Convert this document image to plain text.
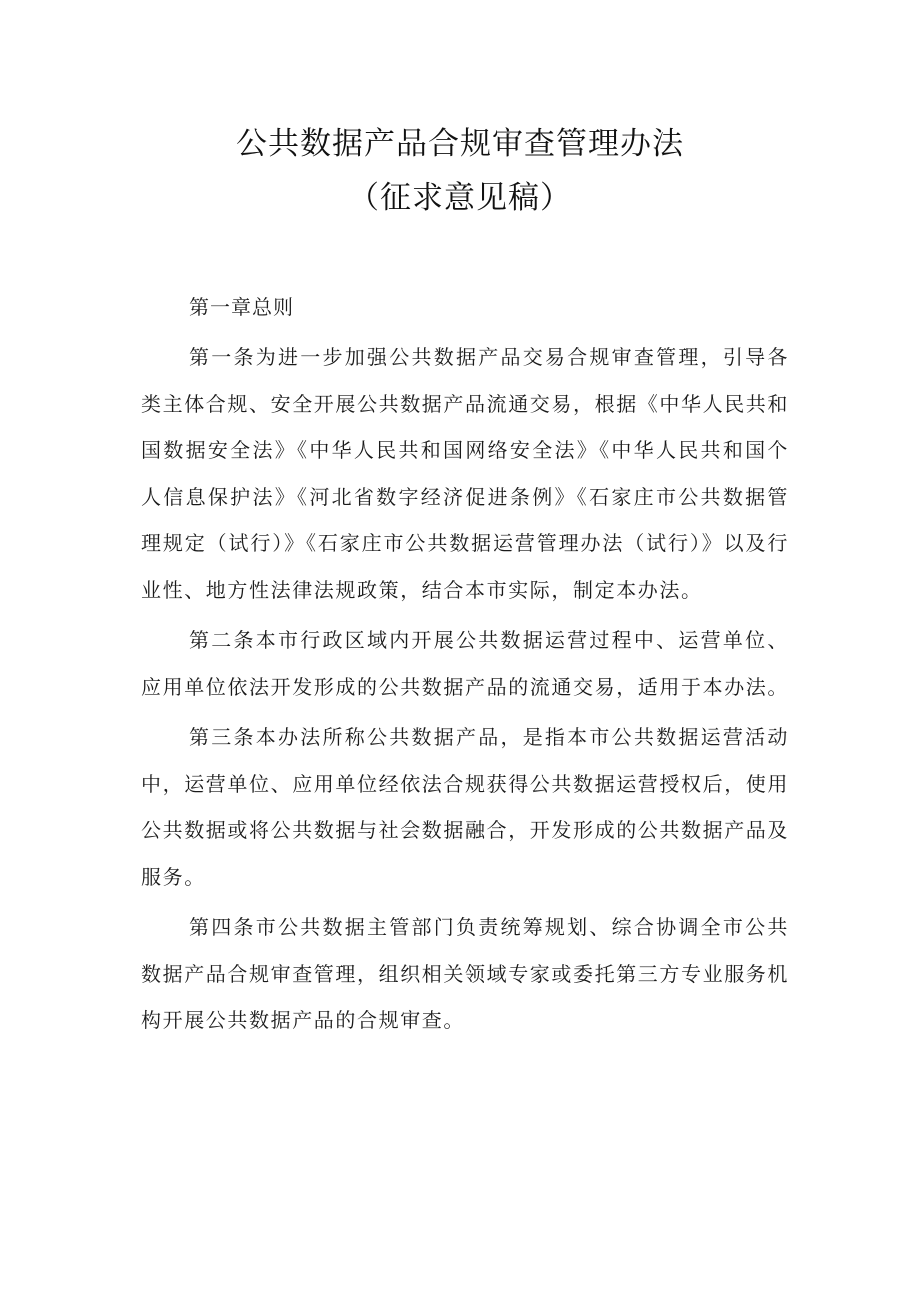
公共数据产品合规审查管理办法
（征求意见稿）

第一章总则

第一条为进一步加强公共数据产品交易合规审查管理，引导各类主体合规、安全开展公共数据产品流通交易，根据《中华人民共和国数据安全法》《中华人民共和国网络安全法》《中华人民共和国个人信息保护法》《河北省数字经济促进条例》《石家庄市公共数据管理规定（试行）》《石家庄市公共数据运营管理办法（试行）》以及行业性、地方性法律法规政策，结合本市实际，制定本办法。

第二条本市行政区域内开展公共数据运营过程中、运营单位、应用单位依法开发形成的公共数据产品的流通交易，适用于本办法。

第三条本办法所称公共数据产品，是指本市公共数据运营活动中，运营单位、应用单位经依法合规获得公共数据运营授权后，使用公共数据或将公共数据与社会数据融合，开发形成的公共数据产品及服务。

第四条市公共数据主管部门负责统筹规划、综合协调全市公共数据产品合规审查管理，组织相关领域专家或委托第三方专业服务机构开展公共数据产品的合规审查。
